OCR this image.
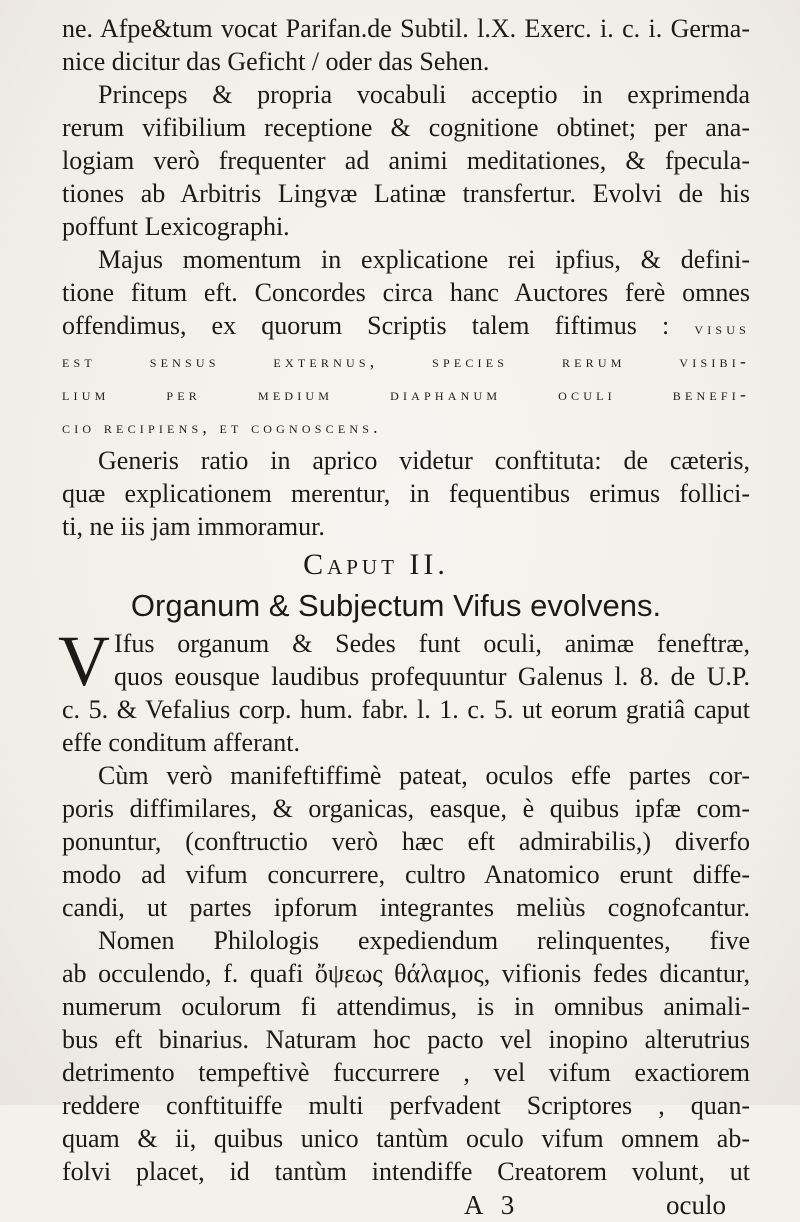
ne. Afpe&tum vocat Parifan.de Subtil. l.X. Exerc. i. c. i. Germa-
nice dicitur das Geficht / oder das Sehen.
Princeps & propria vocabuli acceptio in exprimenda
rerum vifibilium receptione & cognitione obtinet; per ana-
logiam verò frequenter ad animi meditationes, & fpecula-
tiones ab Arbitris Lingvæ Latinæ transfertur. Evolvi de his
poffunt Lexicographi.
Majus momentum in explicatione rei ipfius, & defini-
tione fitum eft. Concordes circa hanc Auctores ferè omnes
offendimus, ex quorum Scriptis talem fiftimus : visus
est sensus externus, species rerum visibi-
lium per medium diaphanum oculi benefi-
cio recipiens, et cognoscens.
Generis ratio in aprico videtur conftituta: de cæteris,
quæ explicationem merentur, in fequentibus erimus follici-
ti, ne iis jam immoramur.
Caput II.
Organum & Subjectum Vifus evolvens.
V Ifus organum & Sedes funt oculi, animæ feneftræ,
quos eousque laudibus profequuntur Galenus l. 8. de U.P.
c. 5. & Vefalius corp. hum. fabr. l. 1. c. 5. ut eorum gratiâ caput
effe conditum afferant.
Cùm verò manifeftiffimè pateat, oculos effe partes cor-
poris diffimilares, & organicas, easque, è quibus ipfæ com-
ponuntur, (conftructio verò hæc eft admirabilis,) diverfo
modo ad vifum concurrere, cultro Anatomico erunt diffe-
candi, ut partes ipforum integrantes meliùs cognofcantur.
Nomen Philologis expediendum relinquentes, five
ab occulendo, f. quafi ὄψεως θάλαμος, vifionis fedes dicantur,
numerum oculorum fi attendimus, is in omnibus animali-
bus eft binarius. Naturam hoc pacto vel inopino alterutrius
detrimento tempeftivè fuccurrere , vel vifum exactiorem
reddere conftituiffe multi perfvadent Scriptores , quan-
quam & ii, quibus unico tantùm oculo vifum omnem ab-
folvi placet, id tantùm intendiffe Creatorem volunt, ut
A 3	oculo
